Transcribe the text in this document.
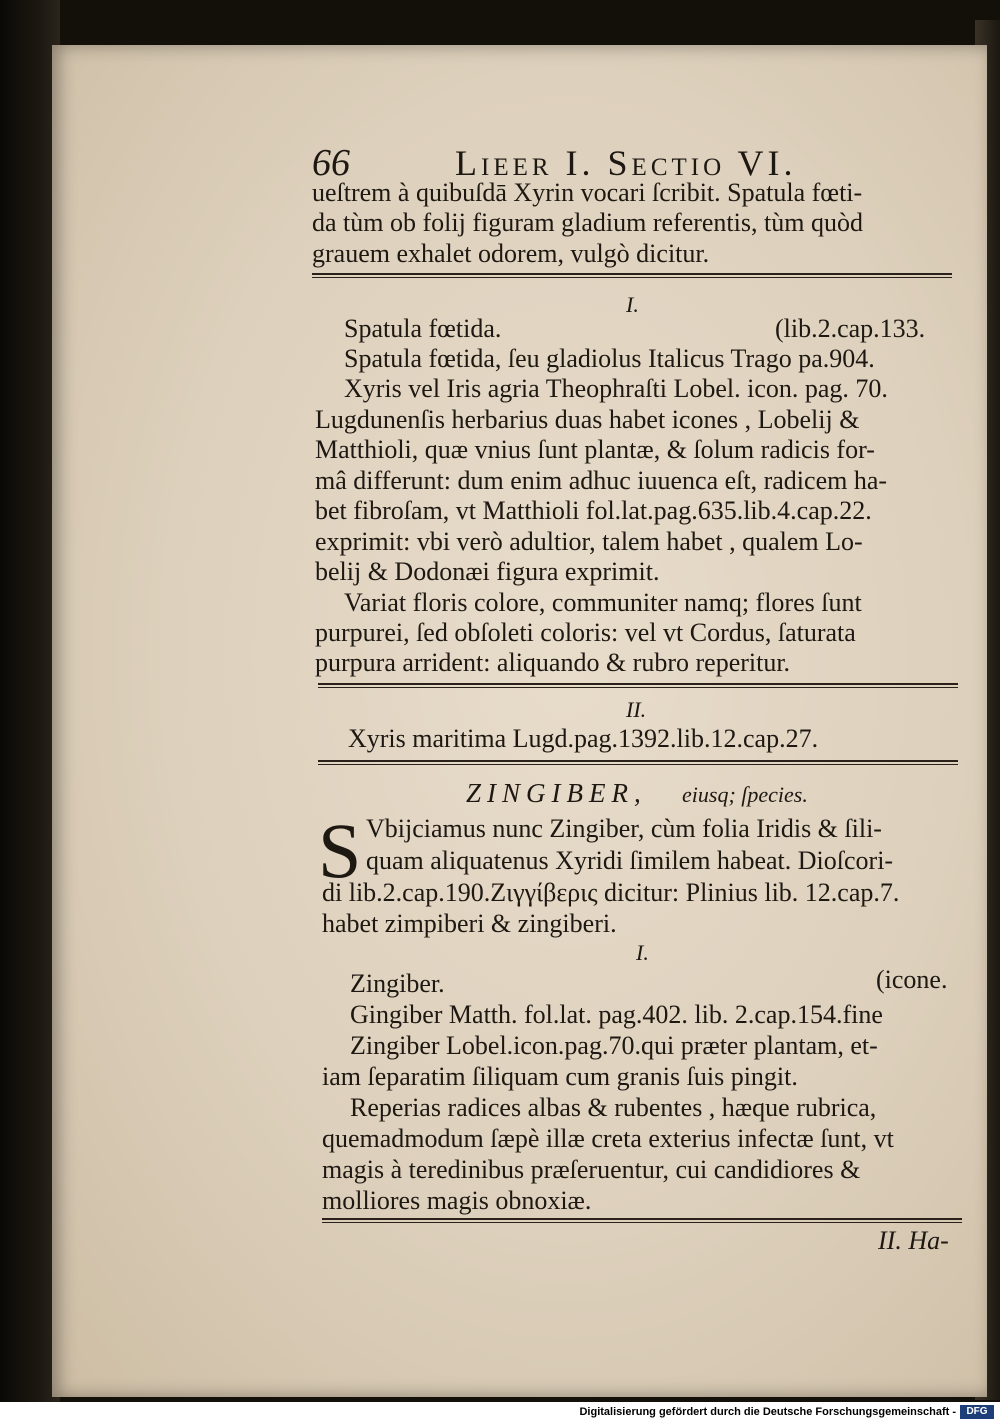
66	Lieer I. Sectio VI.
ueſtrem à quibuſdā Xyrin vocari ſcribit. Spatula fœti-
da tùm ob folij figuram gladium referentis, tùm quòd
grauem exhalet odorem, vulgò dicitur.
I.
Spatula fœtida.	(lib.2.cap.133.
Spatula fœtida, ſeu gladiolus Italicus Trago pa.904.
Xyris vel Iris agria Theophraſti Lobel. icon. pag. 70.
Lugdunenſis herbarius duas habet icones , Lobelij &
Matthioli, quæ vnius ſunt plantæ, & ſolum radicis for-
mâ differunt: dum enim adhuc iuuenca eſt, radicem ha-
bet fibroſam, vt Matthioli fol.lat.pag.635.lib.4.cap.22.
exprimit: vbi verò adultior, talem habet , qualem Lo-
belij & Dodonæi figura exprimit.
Variat floris colore, communiter namq; flores ſunt
purpurei, ſed obſoleti coloris: vel vt Cordus, ſaturata
purpura arrident: aliquando & rubro reperitur.
II.
Xyris maritima Lugd.pag.1392.lib.12.cap.27.
ZINGIBER, eiusq; ſpecies.
S Vbijciamus nunc Zingiber, cùm folia Iridis & ſili-
quam aliquatenus Xyridi ſimilem habeat. Dioſcori-
di lib.2.cap.190.Ζιγγίβερις dicitur: Plinius lib. 12.cap.7.
habet zimpiberi & zingiberi.
I.
Zingiber.	(icone.
Gingiber Matth. fol.lat. pag.402. lib. 2.cap.154.fine
Zingiber Lobel.icon.pag.70.qui præter plantam, et-
iam ſeparatim ſiliquam cum granis ſuis pingit.
Reperias radices albas & rubentes , hæque rubrica,
quemadmodum ſæpè illæ creta exterius infectæ ſunt, vt
magis à teredinibus præſeruentur, cui candidiores &
molliores magis obnoxiæ.
II. Ha-
Digitalisierung gefördert durch die Deutsche Forschungsgemeinschaft -	DFG
